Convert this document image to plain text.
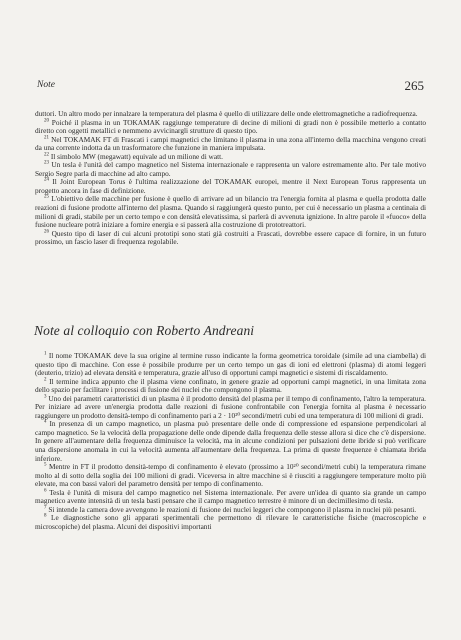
Note	265

duttori. Un altro modo per innalzare la temperatura del plasma è quello di utilizzare delle onde elettromagnetiche a radiofrequenza.

$^{20}$ Poiché il plasma in un TOKAMAK raggiunge temperature di decine di milioni di gradi non è possibile metterlo a contatto diretto con oggetti metallici e nemmeno avvicinargli strutture di questo tipo.

$^{21}$ Nel TOKAMAK FT di Frascati i campi magnetici che limitano il plasma in una zona all'interno della macchina vengono creati da una corrente indotta da un trasformatore che funzione in maniera impulsata.

$^{22}$ Il simbolo MW (megawatt) equivale ad un milione di watt.

$^{23}$ Un tesla è l'unità del campo magnetico nel Sistema internazionale e rappresenta un valore estremamente alto. Per tale motivo Sergio Segre parla di macchine ad alto campo.

$^{24}$ Il Joint European Torus è l'ultima realizzazione del TOKAMAK europei, mentre il Next European Torus rappresenta un progetto ancora in fase di definizione.

$^{25}$ L'obiettivo delle macchine per fusione è quello di arrivare ad un bilancio tra l'energia fornita al plasma e quella prodotta dalle reazioni di fusione prodotte all'interno del plasma. Quando si raggiungerà questo punto, per cui è necessario un plasma a centinaia di milioni di gradi, stabile per un certo tempo e con densità elevatissima, si parlerà di avvenuta ignizione. In altre parole il «fuoco» della fusione nucleare potrà iniziare a fornire energia e si passerà alla costruzione di prototreattori.

$^{26}$ Questo tipo di laser di cui alcuni prototipi sono stati già costruiti a Frascati, dovrebbe essere capace di fornire, in un futuro prossimo, un fascio laser di frequenza regolabile.

Note al colloquio con Roberto Andreani

$^1$ Il nome TOKAMAK deve la sua origine al termine russo indicante la forma geometrica toroidale (simile ad una ciambella) di questo tipo di macchine. Con esse è possibile produrre per un certo tempo un gas di ioni ed elettroni (plasma) di atomi leggeri (deuterio, trizio) ad elevata densità e temperatura, grazie all'uso di opportuni campi magnetici e sistemi di riscaldamento.

$^2$ Il termine indica appunto che il plasma viene confinato, in genere grazie ad opportuni campi magnetici, in una limitata zona dello spazio per facilitare i processi di fusione dei nuclei che compongono il plasma.

$^3$ Uno dei parametri caratteristici di un plasma è il prodotto densità del plasma per il tempo di confinamento, l'altro la temperatura. Per iniziare ad avere un'energia prodotta dalle reazioni di fusione confrontabile con l'energia fornita al plasma è necessario raggiungere un prodotto densità-tempo di confinamento pari a 2 · 10²⁰ secondi/metri cubi ed una temperatura di 100 milioni di gradi.

$^4$ In presenza di un campo magnetico, un plasma può presentare delle onde di compressione ed espansione perpendicolari al campo magnetico. Se la velocità della propagazione delle onde dipende dalla frequenza delle stesse allora si dice che c'è dispersione. In genere all'aumentare della frequenza diminuisce la velocità, ma in alcune condizioni per pulsazioni dette ibride si può verificare una dispersione anomala in cui la velocità aumenta all'aumentare della frequenza. La prima di queste frequenze è chiamata ibrida inferiore.

$^5$ Mentre in FT il prodotto densità-tempo di confinamento è elevato (prossimo a 10²⁰ secondi/metri cubi) la temperatura rimane molto al di sotto della soglia dei 100 milioni di gradi. Viceversa in altre macchine si è riusciti a raggiungere temperature molto più elevate, ma con bassi valori del parametro densità per tempo di confinamento.

$^6$ Tesla è l'unità di misura del campo magnetico nel Sistema internazionale. Per avere un'idea di quanto sia grande un campo magnetico avente intensità di un tesla basti pensare che il campo magnetico terrestre è minore di un decimillesimo di tesla.

$^7$ Si intende la camera dove avvengono le reazioni di fusione dei nuclei leggeri che compongono il plasma in nuclei più pesanti.

$^8$ Le diagnostiche sono gli apparati sperimentali che permettono di rilevare le caratteristiche fisiche (macroscopiche e microscopiche) del plasma. Alcuni dei dispositivi importanti
